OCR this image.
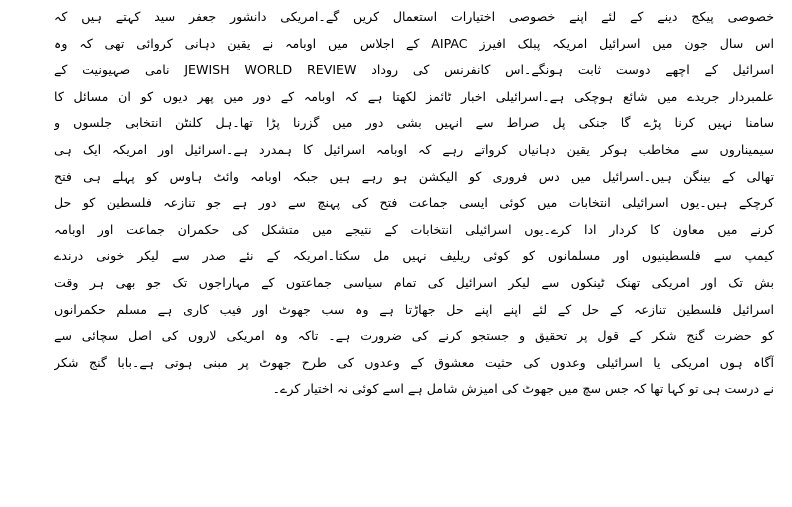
خصوصی پیکج دینے کے لئے اپنے خصوصی اختیارات استعمال کریں گے۔امریکی دانشور جعفر سید کہتے ہیں کہ
اس سال جون میں اسرائیل امریکہ پبلک افیرز AIPAC کے اجلاس میں اوبامہ نے یقین دہانی کروائی تھی کہ وہ
اسرائیل کے اچھے دوست ثابت ہونگے۔اس کانفرنس کی روداد JEWISH WORLD REVIEW نامی صہیونیت کے
علمبردار جریدے میں شائع ہوچکی ہے۔اسرائیلی اخبار ٹائمز لکھتا ہے کہ اوبامہ کے دور میں پھر دیوں کو ان مسائل کا
سامنا نہیں کرنا پڑے گا جنکی پل صراط سے انہیں بشی دور میں گزرنا پڑا تھا۔ہل کلنٹن انتخابی جلسوں و
سیمیناروں سے مخاطب ہوکر یقین دہانیاں کرواتے رہے کہ اوبامہ اسرائیل کا ہمدرد ہے۔اسرائیل اور امریکہ ایک ہی
تھالی کے بینگن ہیں۔اسرائیل میں دس فروری کو الیکشن ہو رہے ہیں جبکہ اوبامہ وائٹ ہاوس کو پہلے ہی فتح
کرچکے ہیں۔یوں اسرائیلی انتخابات میں کوئی ایسی جماعت فتح کی پہنچ سے دور ہے جو تنازعہ فلسطین کو حل
کرنے میں معاون کا کردار ادا کرے۔یوں اسرائیلی انتخابات کے نتیجے میں متشکل کی حکمران جماعت اور اوبامہ
کیمپ سے فلسطینیوں اور مسلمانوں کو کوئی ریلیف نہیں مل سکتا۔امریکہ کے نئے صدر سے لیکر خونی درندے
بش تک اور امریکی تھنک ٹینکوں سے لیکر اسرائیل کی تمام سیاسی جماعتوں کے مہاراجوں تک جو بھی ہر وقت
اسرائیل فلسطین تنازعہ کے حل کے لئے اپنے اپنے حل جھاڑتا ہے وہ سب جھوٹ اور فیب کاری ہے مسلم حکمرانوں
کو حضرت گنج شکر کے قول پر تحقیق و جستجو کرنے کی ضرورت ہے۔ تاکہ وہ امریکی لاروں کی اصل سچائی سے
آگاہ ہوں امریکی یا اسرائیلی وعدوں کی حثیت معشوق کے وعدوں کی طرح جھوٹ پر مبنی ہوتی ہے۔بابا گنج شکر
نے درست ہی تو کہا تھا کہ جس سچ میں جھوٹ کی امیزش شامل ہے اسے کوئی نہ اختیار کرے۔
